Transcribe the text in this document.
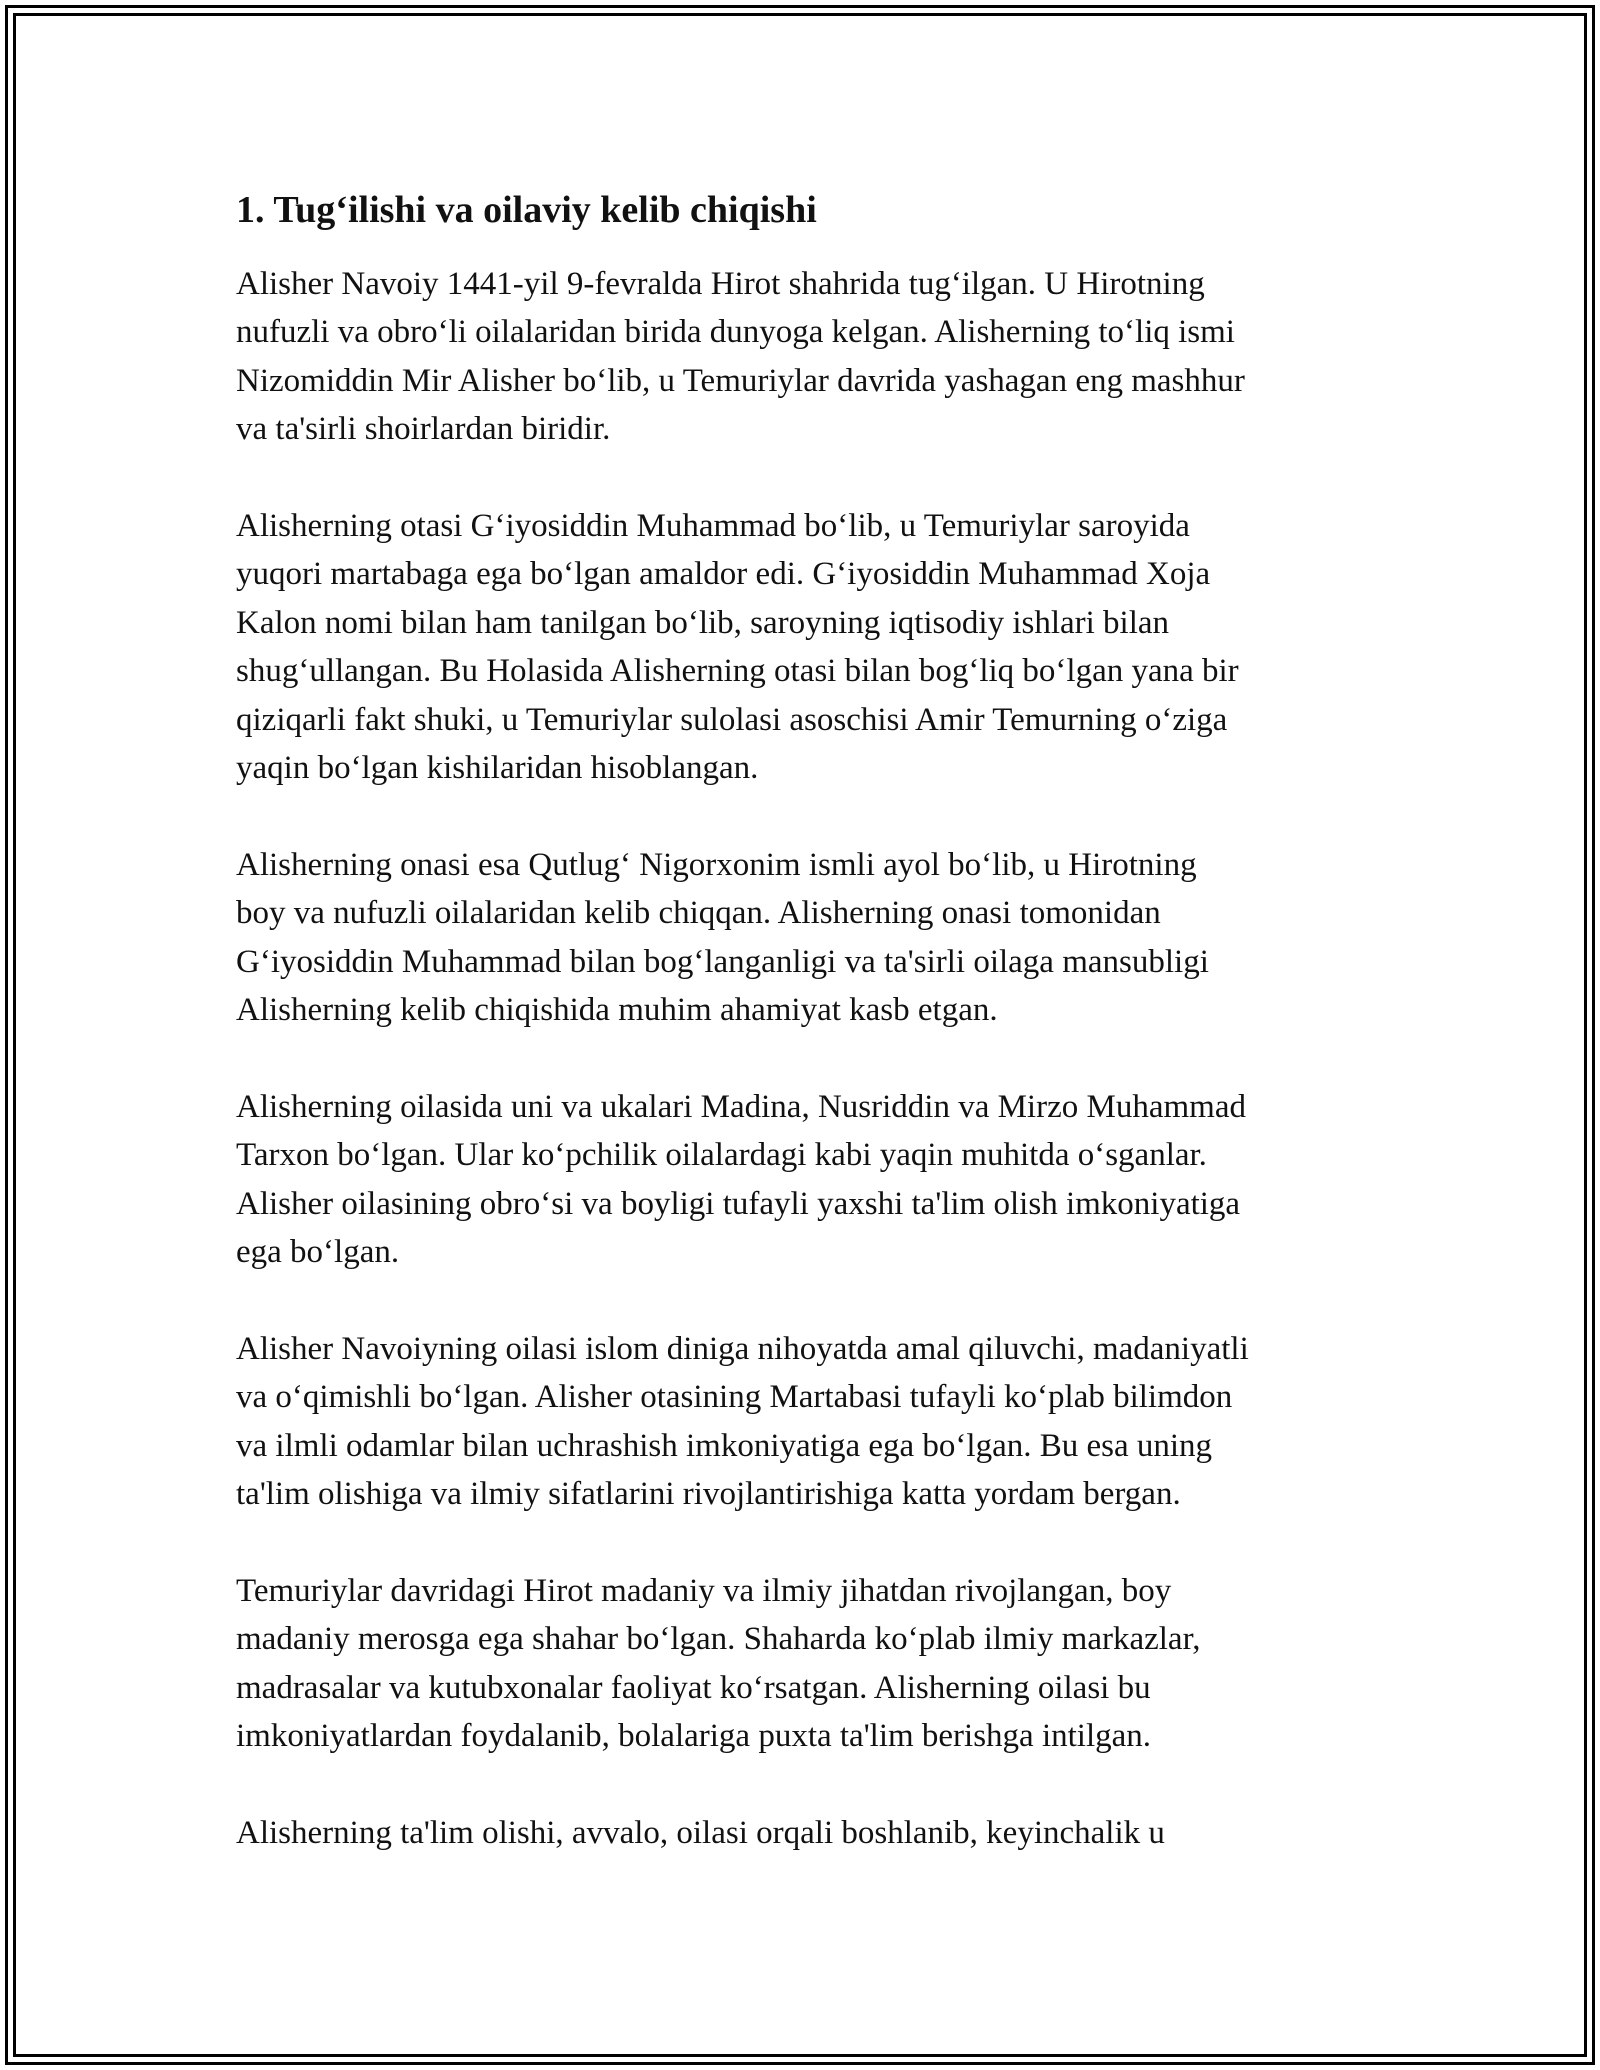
1. Tug‘ilishi va oilaviy kelib chiqishi
Alisher Navoiy 1441-yil 9-fevralda Hirot shahrida tug‘ilgan. U Hirotning
nufuzli va obro‘li oilalaridan birida dunyoga kelgan. Alisherning to‘liq ismi
Nizomiddin Mir Alisher bo‘lib, u Temuriylar davrida yashagan eng mashhur
va ta'sirli shoirlardan biridir.
Alisherning otasi G‘iyosiddin Muhammad bo‘lib, u Temuriylar saroyida
yuqori martabaga ega bo‘lgan amaldor edi. G‘iyosiddin Muhammad Xoja
Kalon nomi bilan ham tanilgan bo‘lib, saroyning iqtisodiy ishlari bilan
shug‘ullangan. Bu Holasida Alisherning otasi bilan bog‘liq bo‘lgan yana bir
qiziqarli fakt shuki, u Temuriylar sulolasi asoschisi Amir Temurning o‘ziga
yaqin bo‘lgan kishilaridan hisoblangan.
Alisherning onasi esa Qutlug‘ Nigorxonim ismli ayol bo‘lib, u Hirotning
boy va nufuzli oilalaridan kelib chiqqan. Alisherning onasi tomonidan
G‘iyosiddin Muhammad bilan bog‘langanligi va ta'sirli oilaga mansubligi
Alisherning kelib chiqishida muhim ahamiyat kasb etgan.
Alisherning oilasida uni va ukalari Madina, Nusriddin va Mirzo Muhammad
Tarxon bo‘lgan. Ular ko‘pchilik oilalardagi kabi yaqin muhitda o‘sganlar.
Alisher oilasining obro‘si va boyligi tufayli yaxshi ta'lim olish imkoniyatiga
ega bo‘lgan.
Alisher Navoiyning oilasi islom diniga nihoyatda amal qiluvchi, madaniyatli
va o‘qimishli bo‘lgan. Alisher otasining Martabasi tufayli ko‘plab bilimdon
va ilmli odamlar bilan uchrashish imkoniyatiga ega bo‘lgan. Bu esa uning
ta'lim olishiga va ilmiy sifatlarini rivojlantirishiga katta yordam bergan.
Temuriylar davridagi Hirot madaniy va ilmiy jihatdan rivojlangan, boy
madaniy merosga ega shahar bo‘lgan. Shaharda ko‘plab ilmiy markazlar,
madrasalar va kutubxonalar faoliyat ko‘rsatgan. Alisherning oilasi bu
imkoniyatlardan foydalanib, bolalariga puxta ta'lim berishga intilgan.
Alisherning ta'lim olishi, avvalo, oilasi orqali boshlanib, keyinchalik u
